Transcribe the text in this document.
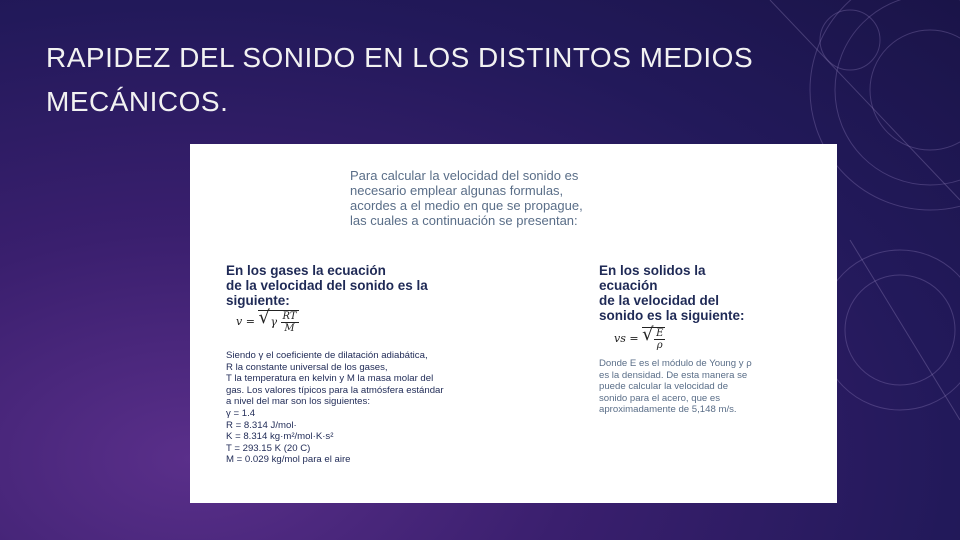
RAPIDEZ DEL SONIDO EN LOS DISTINTOS MEDIOS
MECÁNICOS.
Para calcular la velocidad del sonido es
necesario emplear algunas formulas,
acordes a el medio en que se propague,
las cuales a continuación se presentan:
En los gases la ecuación
de la velocidad del sonido es la
siguiente:
v = √ γ $\frac{RT}{M}$
Siendo γ el coeficiente de dilatación adiabática,
R la constante universal de los gases,
T la temperatura en kelvin y M la masa molar del
gas. Los valores típicos para la atmósfera estándar
a nivel del mar son los siguientes:
γ = 1.4
R = 8.314 J/mol·
K = 8.314 kg·m²/mol·K·s²
T = 293.15 K (20 C)
M = 0.029 kg/mol para el aire
En los solidos la
ecuación
de la velocidad del
sonido es la siguiente:
vs = √ $\frac{E}{\rho}$
Donde E es el módulo de Young y ρ
es la densidad. De esta manera se
puede calcular la velocidad de
sonido para el acero, que es
aproximadamente de 5,148 m/s.
